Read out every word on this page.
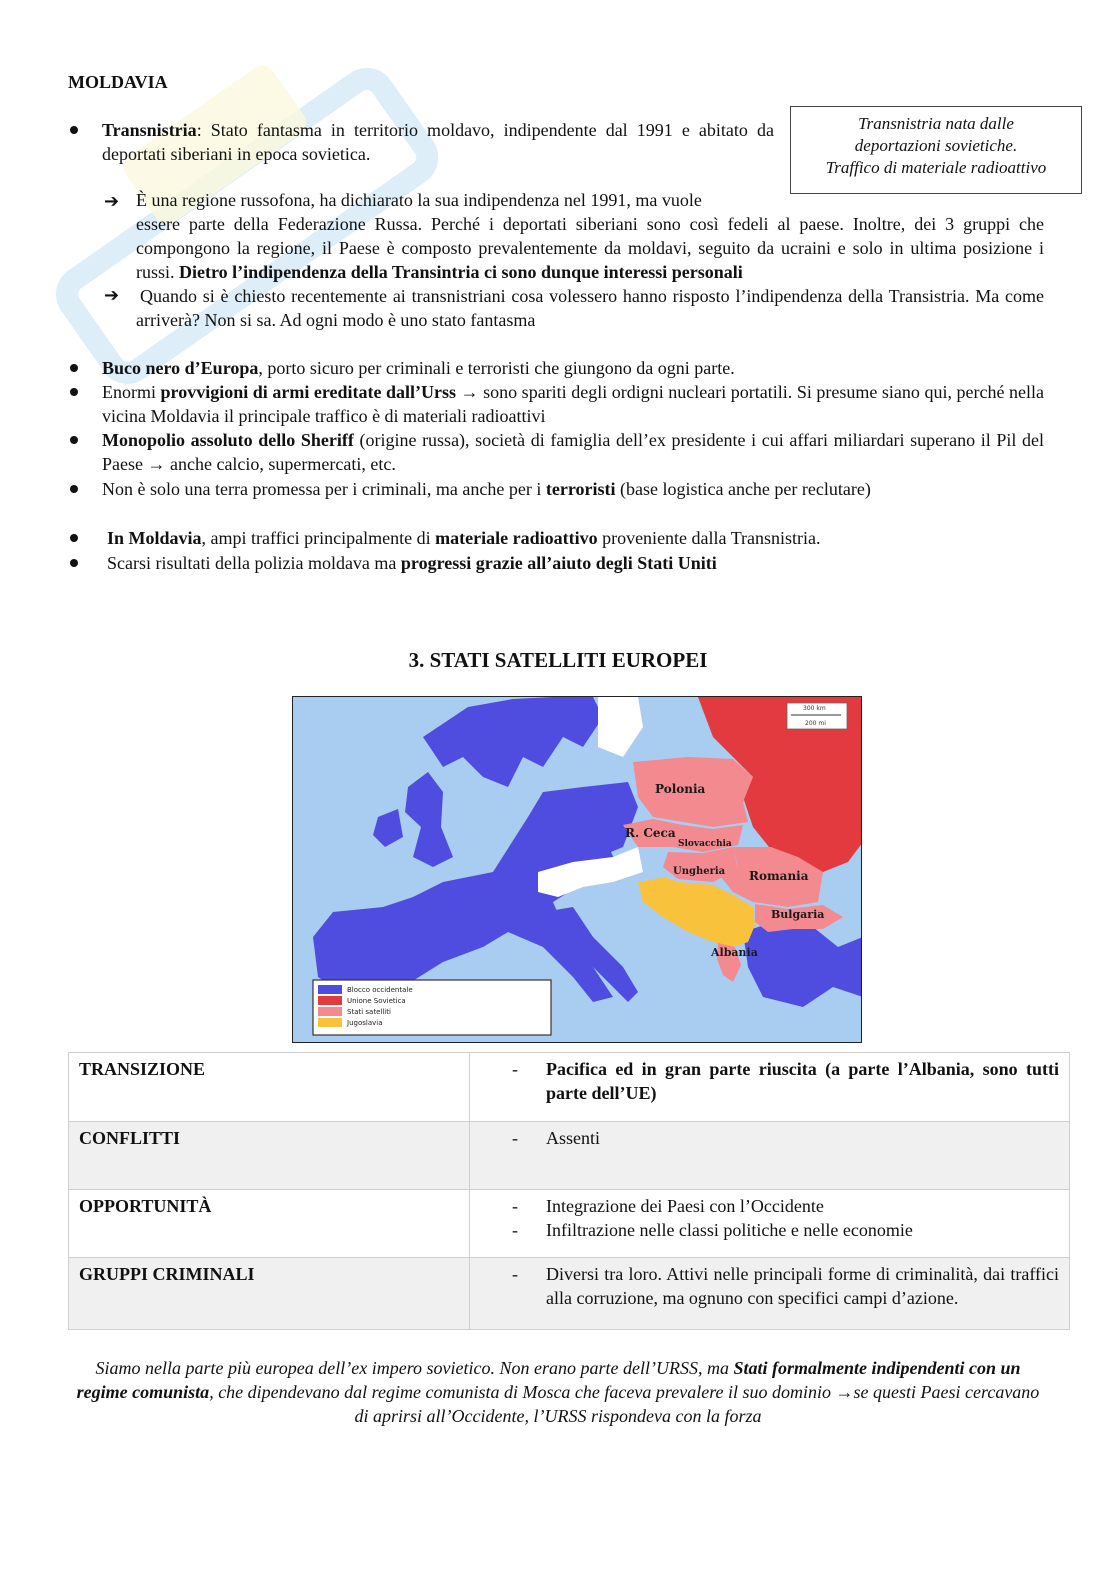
MOLDAVIA
Transnistria nata dalle
deportazioni sovietiche.
Traffico di materiale radioattivo
Transnistria: Stato fantasma in territorio moldavo, indipendente dal 1991 e abitato da deportati siberiani in epoca sovietica.
➔ È una regione russofona, ha dichiarato la sua indipendenza nel 1991, ma vuole
essere parte della Federazione Russa. Perché i deportati siberiani sono così fedeli al paese. Inoltre, dei 3 gruppi che compongono la regione, il Paese è composto prevalentemente da moldavi, seguito da ucraini e solo in ultima posizione i russi. Dietro l’indipendenza della Transintria ci sono dunque interessi personali
➔ Quando si è chiesto recentemente ai transnistriani cosa volessero hanno risposto l’indipendenza della Transistria. Ma come arriverà? Non si sa. Ad ogni modo è uno stato fantasma
Buco nero d’Europa, porto sicuro per criminali e terroristi che giungono da ogni parte.
Enormi provvigioni di armi ereditate dall’Urss → sono spariti degli ordigni nucleari portatili. Si presume siano qui, perché nella vicina Moldavia il principale traffico è di materiali radioattivi
Monopolio assoluto dello Sheriff (origine russa), società di famiglia dell’ex presidente i cui affari miliardari superano il Pil del Paese → anche calcio, supermercati, etc.
Non è solo una terra promessa per i criminali, ma anche per i terroristi (base logistica anche per reclutare)
In Moldavia, ampi traffici principalmente di materiale radioattivo proveniente dalla Transnistria.
Scarsi risultati della polizia moldava ma progressi grazie all’aiuto degli Stati Uniti
3. STATI SATELLITI EUROPEI
Polonia
R. Ceca
Slovacchia
Ungheria Romania
Bulgaria
Albania
300 km
200 mi
Blocco occidentale
Unione Sovietica
Stati satelliti
Jugoslavia
TRANSIZIONE	- Pacifica ed in gran parte riuscita (a parte l’Albania, sono tutti parte dell’UE)

CONFLITTI	- Assenti

OPPORTUNITÀ	- Integrazione dei Paesi con l’Occidente
- Infiltrazione nelle classi politiche e nelle economie

GRUPPI CRIMINALI	- Diversi tra loro. Attivi nelle principali forme di criminalità, dai traffici alla corruzione, ma ognuno con specifici campi d’azione.
Siamo nella parte più europea dell’ex impero sovietico. Non erano parte dell’URSS, ma Stati formalmente indipendenti con un regime comunista, che dipendevano dal regime comunista di Mosca che faceva prevalere il suo dominio →se questi Paesi cercavano di aprirsi all’Occidente, l’URSS rispondeva con la forza
